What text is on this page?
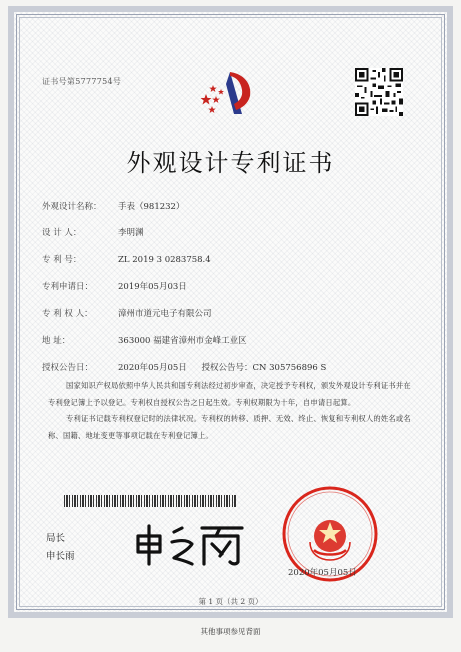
证书号第5777754号
外观设计专利证书
外观设计名称： 手表（981232）
设 计 人：	李明渊
专 利 号：	ZL 2019 3 0283758.4
专利申请日：	2019年05月03日
专 利 权 人：	漳州市道元电子有限公司
地 址：	363000 福建省漳州市金峰工业区
授权公告日：	2020年05月05日 授权公告号：CN 305756896 S

国家知识产权局依照中华人民共和国专利法经过初步审查，决定授予专利权，颁发外观设计专利证书并在专利登记簿上予以登记。专利权自授权公告之日起生效。专利权期限为十年，自申请日起算。

专利证书记载专利权登记时的法律状况。专利权的转移、质押、无效、终止、恢复和专利权人的姓名或名称、国籍、地址变更等事项记载在专利登记簿上。

局长
申长雨
2020年05月05日
第 1 页（共 2 页）
其他事项参见背面
